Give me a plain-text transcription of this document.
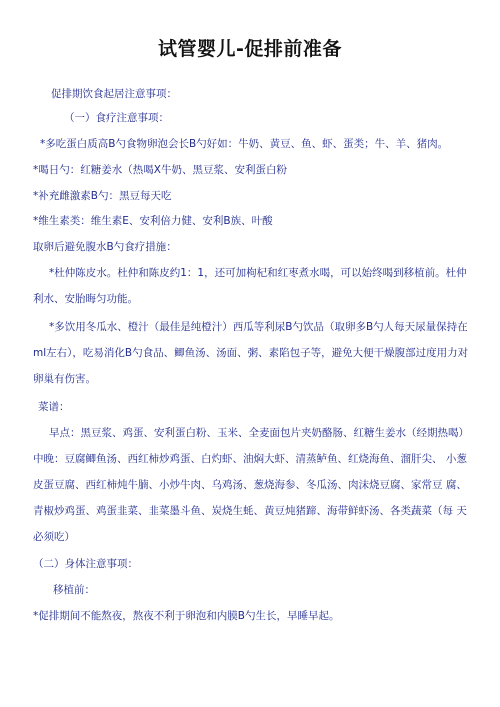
试管婴儿-促排前准备
促排期饮食起居注意事项：
（一）食疗注意事项：
*多吃蛋白质高B勺食物卵泡会长B勺好如：牛奶、黄豆、鱼、虾、蛋类；牛、羊、猪肉。
*喝日勺：红糖姜水（热喝X牛奶、黑豆浆、安利蛋白粉
*补充雌激素B勺：黑豆每天吃
*维生素类：维生素E、安利倍力健、安利B族、叶酸
取卵后避免腹水B勺食疗措施：
*杜仲陈皮水。杜仲和陈皮约1：1，还可加枸杞和红枣煮水喝，可以始终喝到移植前。杜仲
利水、安胎晦匀功能。
*多饮用冬瓜水、橙汁（最佳是纯橙汁）西瓜等利尿B勺饮品（取卵多B勺人每天尿量保持在
ml左右），吃易消化B勺食品、鲫鱼汤、汤面、粥、素陷包子等，避免大便干燥腹部过度用力对
卵巢有伤害。
菜谱：
早点：黑豆浆、鸡蛋、安利蛋白粉、玉米、全麦面包片夹奶酪肠、红糖生姜水（经期热喝）
中晚：豆腐鲫鱼汤、西红柿炒鸡蛋、白灼虾、油焖大虾、清蒸鲈鱼、红烧海鱼、溜肝尖、 小葱
皮蛋豆腐、西红柿炖牛腩、小炒牛肉、乌鸡汤、葱烧海参、冬瓜汤、肉沫烧豆腐、家常豆 腐、
青椒炒鸡蛋、鸡蛋韭菜、韭菜墨斗鱼、炭烧生蚝、黄豆炖猪蹄、海带鲜虾汤、各类蔬菜（每 天
必须吃）
（二）身体注意事项：
移植前：
*促排期间不能熬夜，熬夜不利于卵泡和内膜B勺生长，早睡早起。
